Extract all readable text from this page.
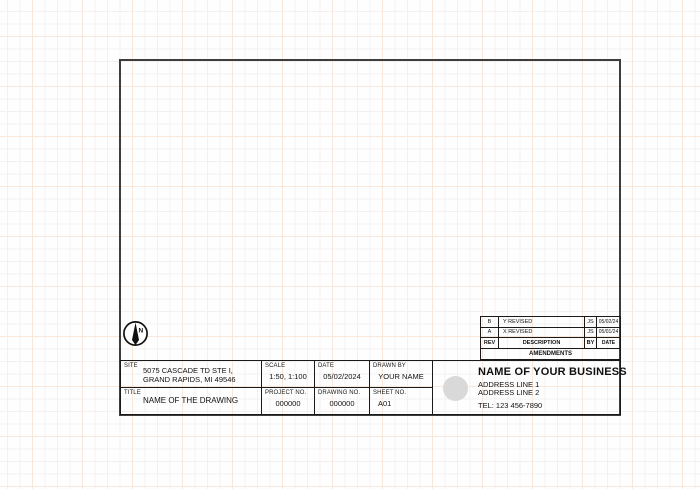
N
SITE 5075 CASCADE TD STE I, GRAND RAPIDS, MI 49546
SCALE
1:50, 1:100
DATE
05/02/2024
DRAWN BY
YOUR NAME
TITLE
NAME OF THE DRAWING
PROJECT NO.
000000
DRAWING NO.
000000
SHEET NO.
A01
B	Y REVISED	JS	05/02/24
A	X REVISED	JS	05/01/24
REV	DESCRIPTION	BY	DATE
AMENDMENTS
NAME OF YOUR BUSINESS
ADDRESS LINE 1
ADDRESS LINE 2
TEL: 123 456-7890
